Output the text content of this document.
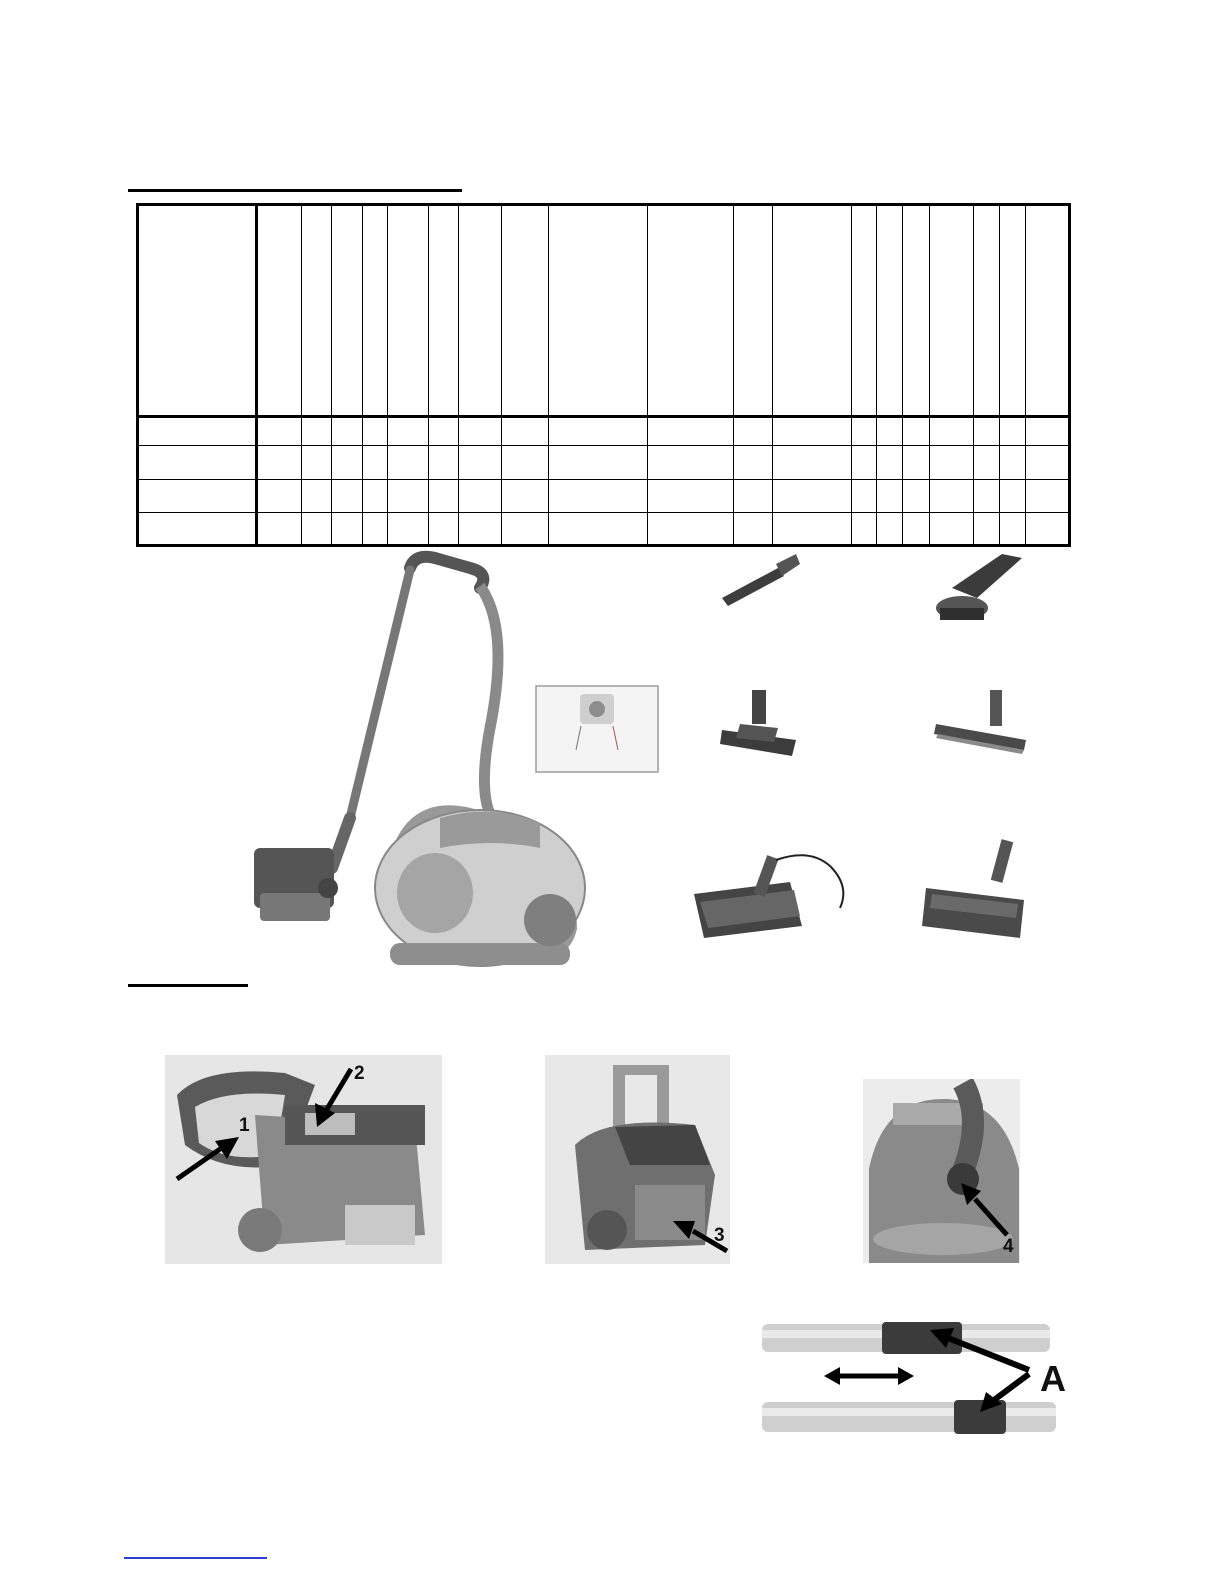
1
2
3
4
A
